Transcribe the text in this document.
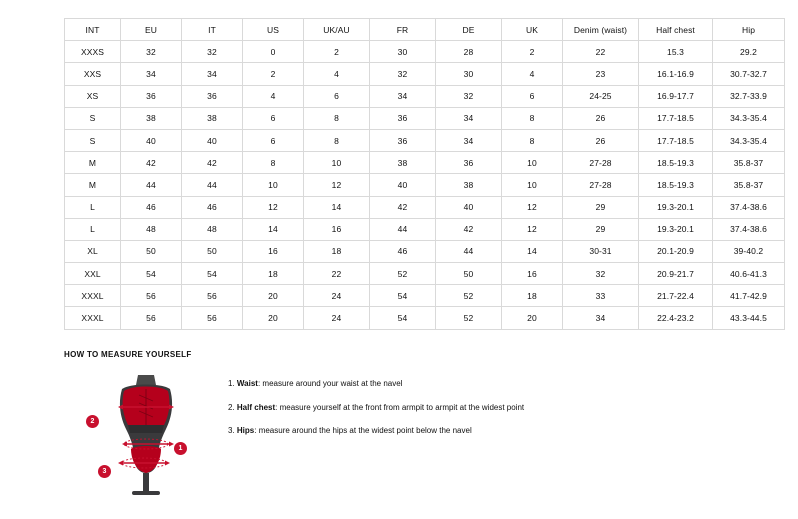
INT	EU	IT	US	UK/AU	FR	DE	UK	Denim (waist)	Half chest	Hip
XXXS	32	32	0	2	30	28	2	22	15.3	29.2
XXS	34	34	2	4	32	30	4	23	16.1-16.9	30.7-32.7
XS	36	36	4	6	34	32	6	24-25	16.9-17.7	32.7-33.9
S	38	38	6	8	36	34	8	26	17.7-18.5	34.3-35.4
S	40	40	6	8	36	34	8	26	17.7-18.5	34.3-35.4
M	42	42	8	10	38	36	10	27-28	18.5-19.3	35.8-37
M	44	44	10	12	40	38	10	27-28	18.5-19.3	35.8-37
L	46	46	12	14	42	40	12	29	19.3-20.1	37.4-38.6
L	48	48	14	16	44	42	12	29	19.3-20.1	37.4-38.6
XL	50	50	16	18	46	44	14	30-31	20.1-20.9	39-40.2
XXL	54	54	18	22	52	50	16	32	20.9-21.7	40.6-41.3
XXXL	56	56	20	24	54	52	18	33	21.7-22.4	41.7-42.9
XXXL	56	56	20	24	54	52	20	34	22.4-23.2	43.3-44.5
HOW TO MEASURE YOURSELF
1
2
3

1. Waist: measure around your waist at the navel

2. Half chest: measure yourself at the front from armpit to armpit at the widest point

3. Hips: measure around the hips at the widest point below the navel
